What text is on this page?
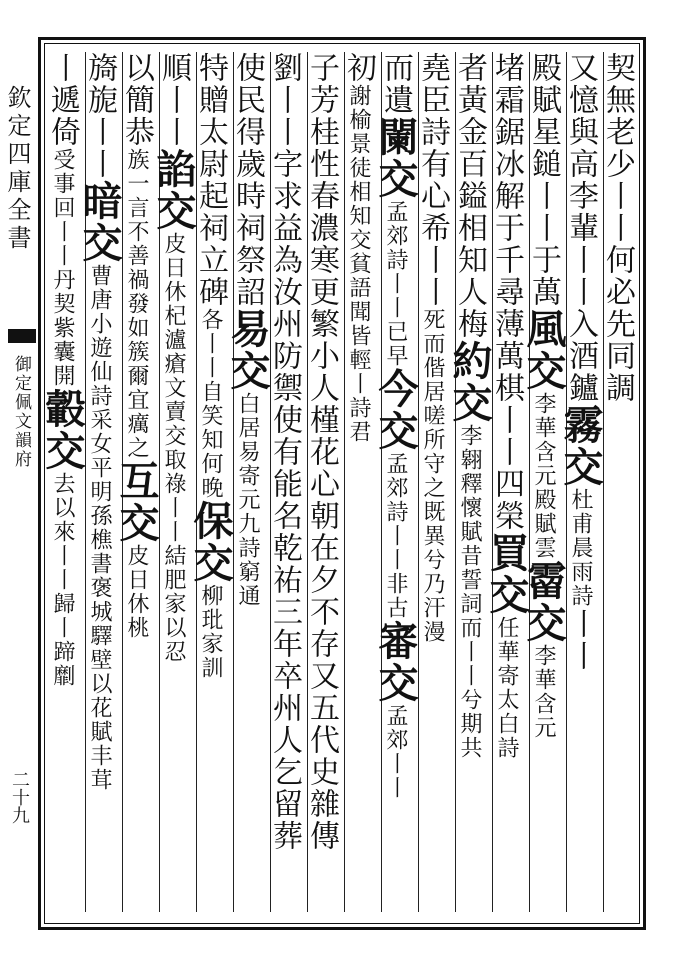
欽定四庫全書
御定佩文韻府
二十九
契無老少丨丨何必先同調
又憶與高李輩丨丨入酒鑪霧交杜甫晨雨詩丨丨
殿賦星鎚丨丨于萬風交李華含元殿賦雲霤交李華含元
堵霜鋸冰解于千尋薄萬棋丨丨四榮買交任華寄太白詩
者黃金百鎰相知人梅約交李翱釋懷賦昔誓詞而丨丨兮期共
堯臣詩有心希丨丨死而偕居嗟所守之既異兮乃汗漫
而遺闌交孟郊詩丨丨已早今交孟郊詩丨丨非古審交孟郊丨丨
初謝榆景徒相知交貧語聞皆輕丨詩君
子芳桂性春濃寒更繁小人槿花心朝在夕不存又五代史雜傳
劉丨丨字求益為汝州防禦使有能名乾祐三年卒州人乞留葬
使民得歲時祠祭詔易交白居易寄元九詩窮通
特贈太尉起祠立碑各丨丨自笑知何晚保交柳玭家訓
順丨丨諂交皮日休杞瀘瘡文賣交取祿丨丨結肥家以忍
以簡恭族一言不善禍發如簇爾宜癘之互交皮日休桃
旖旎丨丨暗交曹唐小遊仙詩采女平明孫樵書褒城驛壁以花賦丰茸
丨遞倚受事回丨丨丹契紫囊開轂交去以來丨丨歸丨蹄劘
